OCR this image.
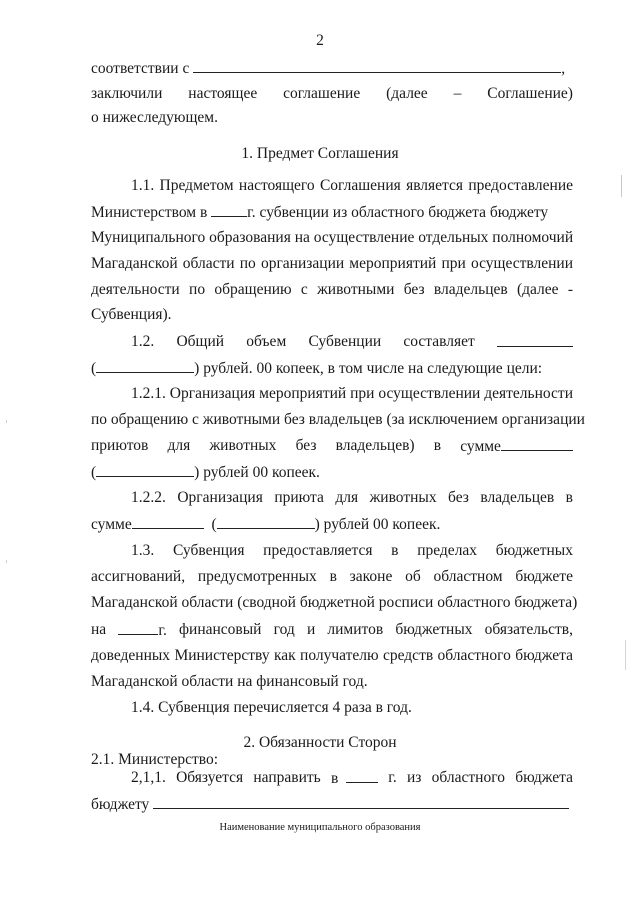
2
соответствии с	,
заключили настоящее соглашение (далее – Соглашение)
о нижеследующем.
1. Предмет Соглашения
1.1. Предметом настоящего Соглашения является предоставление
Министерством в	г. субвенции из областного бюджета бюджету
Муниципального образования на осуществление отдельных полномочий
Магаданской области по организации мероприятий при осуществлении
деятельности по обращению с животными без владельцев (далее -
Субвенция).
1.2. Общий объем Субвенции составляет
(	) рублей. 00 копеек, в том числе на следующие цели:
1.2.1. Организация мероприятий при осуществлении деятельности
по обращению с животными без владельцев (за исключением организации
приютов для животных без владельцев) в сумме
(	) рублей 00 копеек.
1.2.2. Организация приюта для животных без владельцев в
сумме	(	) рублей 00 копеек.
1.3. Субвенция предоставляется в пределах бюджетных
ассигнований, предусмотренных в законе об областном бюджете
Магаданской области (сводной бюджетной росписи областного бюджета)
на	г. финансовый год и лимитов бюджетных обязательств,
доведенных Министерству как получателю средств областного бюджета
Магаданской области на финансовый год.
1.4. Субвенция перечисляется 4 раза в год.
2. Обязанности Сторон
2.1. Министерство:
2,1,1. Обязуется направить в	г. из областного бюджета
бюджету
Наименование муниципального образования
